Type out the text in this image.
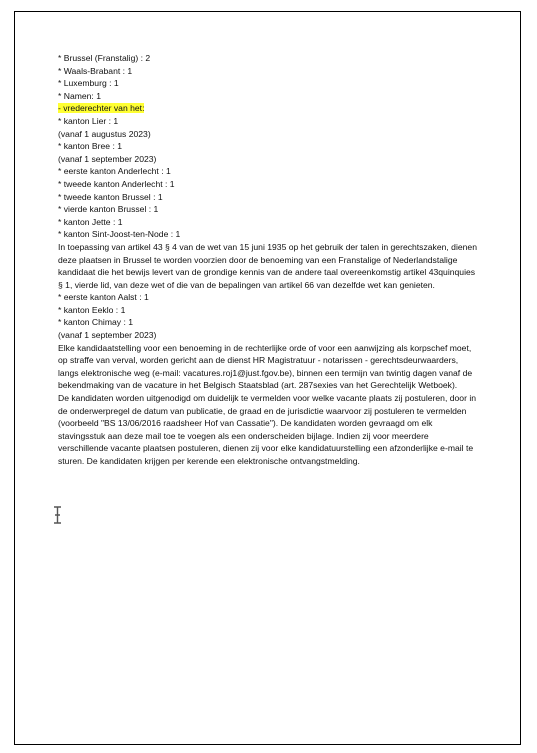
* Brussel (Franstalig) : 2
* Waals-Brabant : 1
* Luxemburg : 1
* Namen: 1
- vrederechter van het:
* kanton Lier : 1
(vanaf 1 augustus 2023)
* kanton Bree : 1
(vanaf 1 september 2023)
* eerste kanton Anderlecht : 1
* tweede kanton Anderlecht : 1
* tweede kanton Brussel : 1
* vierde kanton Brussel : 1
* kanton Jette : 1
* kanton Sint-Joost-ten-Node : 1
In toepassing van artikel 43 § 4 van de wet van 15 juni 1935 op het gebruik der talen in gerechtszaken, dienen deze plaatsen in Brussel te worden voorzien door de benoeming van een Franstalige of Nederlandstalige kandidaat die het bewijs levert van de grondige kennis van de andere taal overeenkomstig artikel 43quinquies § 1, vierde lid, van deze wet of die van de bepalingen van artikel 66 van dezelfde wet kan genieten.
* eerste kanton Aalst : 1
* kanton Eeklo : 1
* kanton Chimay : 1
(vanaf 1 september 2023)
Elke kandidaatstelling voor een benoeming in de rechterlijke orde of voor een aanwijzing als korpschef moet, op straffe van verval, worden gericht aan de dienst HR Magistratuur - notarissen - gerechtsdeurwaarders, langs elektronische weg (e-mail: vacatures.roj1@just.fgov.be), binnen een termijn van twintig dagen vanaf de bekendmaking van de vacature in het Belgisch Staatsblad (art. 287sexies van het Gerechtelijk Wetboek).
De kandidaten worden uitgenodigd om duidelijk te vermelden voor welke vacante plaats zij postuleren, door in de onderwerpregel de datum van publicatie, de graad en de jurisdictie waarvoor zij postuleren te vermelden (voorbeeld "BS 13/06/2016 raadsheer Hof van Cassatie"). De kandidaten worden gevraagd om elk stavingsstuk aan deze mail toe te voegen als een onderscheiden bijlage. Indien zij voor meerdere verschillende vacante plaatsen postuleren, dienen zij voor elke kandidatuurstelling een afzonderlijke e-mail te sturen. De kandidaten krijgen per kerende een elektronische ontvangstmelding.
